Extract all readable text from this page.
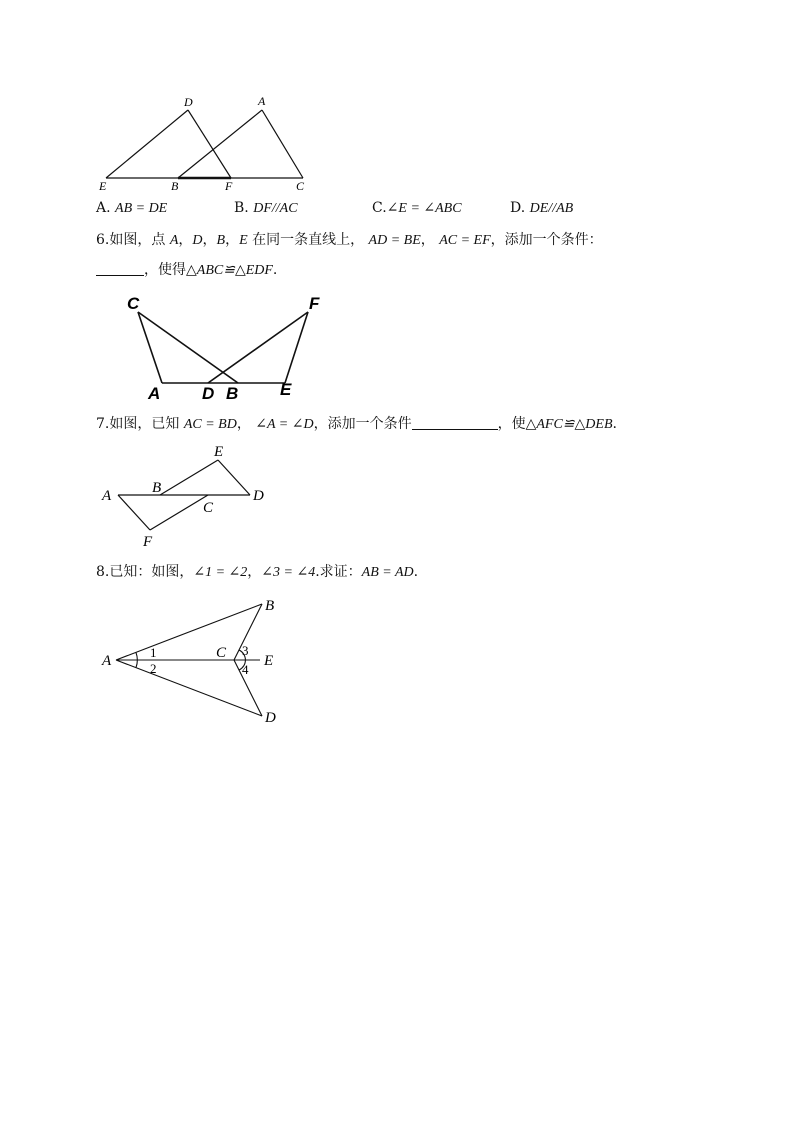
D	A
E	B	F	C
A. AB = DE	B. DF//AC	C.∠E = ∠ABC	D. DE//AB
6.如图，点 A，D，B，E 在同一条直线上， AD = BE， AC = EF，添加一个条件：
，使得△ABC≌△EDF.
C	F
A D B E
7.如图，已知 AC = BD， ∠A = ∠D，添加一个条件	，使△AFC≌△DEB.
E
A	B	D
C
F
8.已知：如图，∠1 = ∠2，∠3 = ∠4.求证：AB = AD.
B
A	C	E
D
1
2
3
4
